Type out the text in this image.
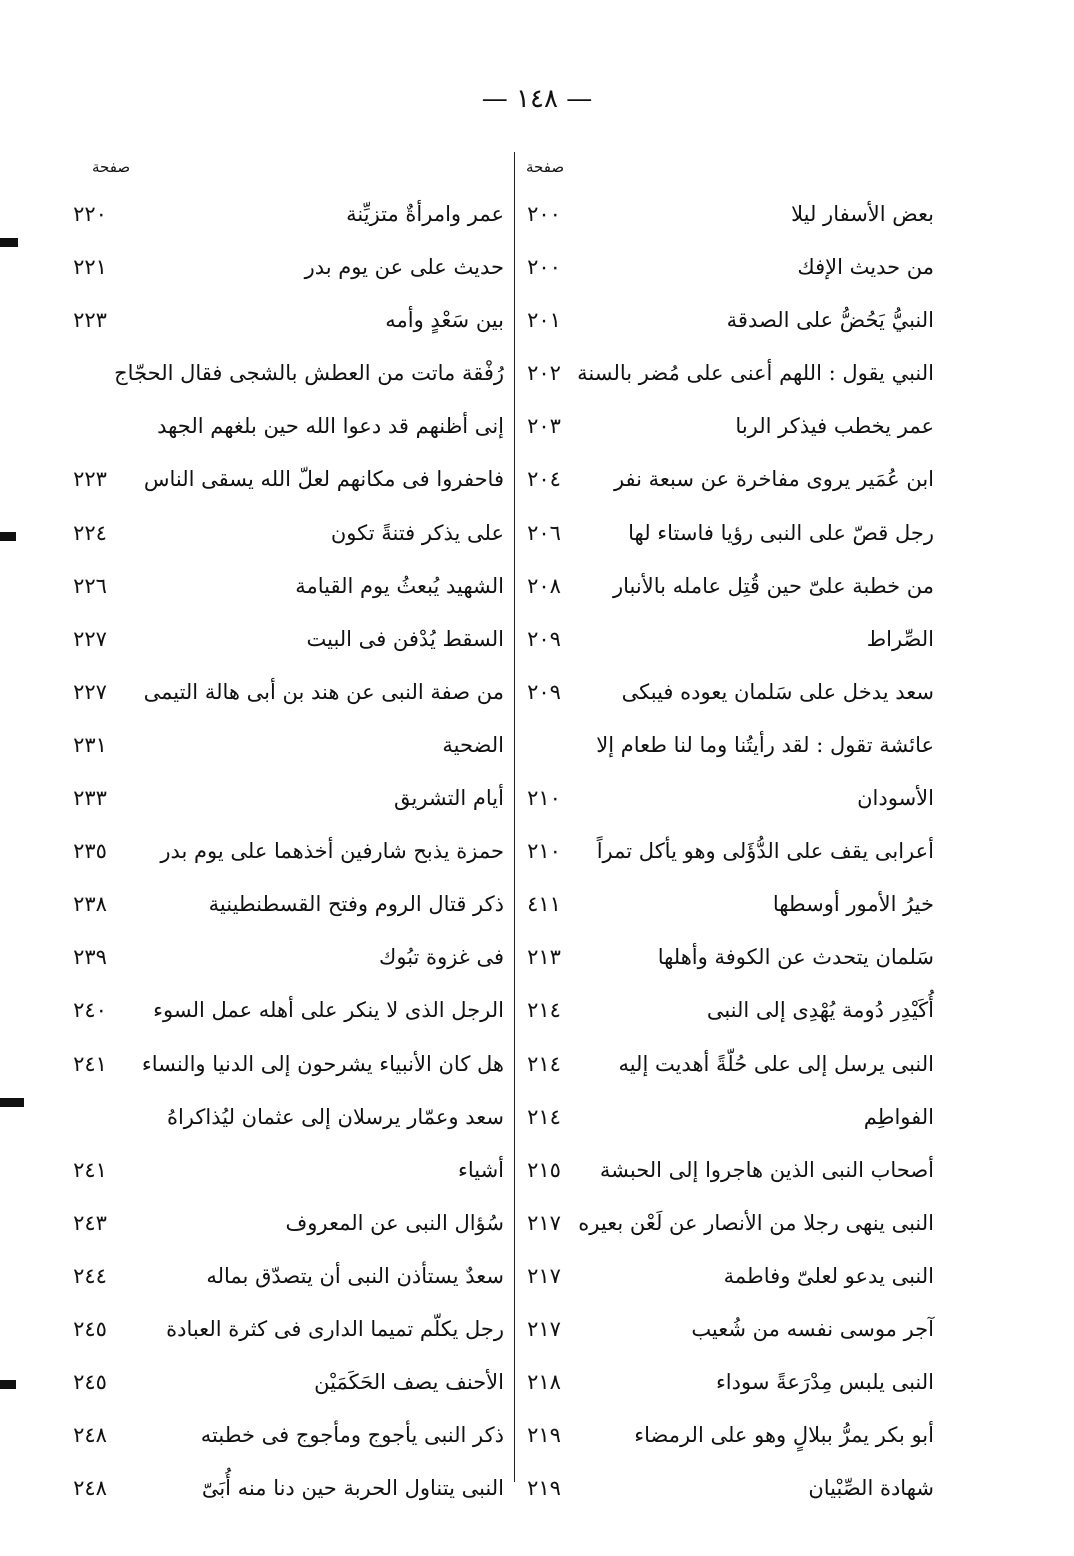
— ١٤٨ —
صفحة
صفحة
بعض الأسفار ليلا
٢٠٠
من حديث الإفك
٢٠٠
النبيُّ يَحُضُّ على الصدقة
٢٠١
النبي يقول : اللهم أعنى على مُضر بالسنة
٢٠٢
عمر يخطب فيذكر الربا
٢٠٣
ابن عُمَير يروى مفاخرة عن سبعة نفر
٢٠٤
رجل قصّ على النبى رؤيا فاستاء لها
٢٠٦
من خطبة علىّ حين قُتِل عامله بالأنبار
٢٠٨
الصِّراط
٢٠٩
سعد يدخل على سَلمان يعوده فيبكى
٢٠٩
عائشة تقول : لقد رأيتُنا وما لنا طعام إلا
الأسودان
٢١٠
أعرابى يقف على الدُّؤَلى وهو يأكل تمراً
٢١٠
خيرُ الأمور أوسطها
٤١١
سَلمان يتحدث عن الكوفة وأهلها
٢١٣
أُكَيْدِر دُومة يُهْدِى إلى النبى
٢١٤
النبى يرسل إلى على حُلّةً أهديت إليه
٢١٤
الفواطِم
٢١٤
أصحاب النبى الذين هاجروا إلى الحبشة
٢١٥
النبى ينهى رجلا من الأنصار عن لَعْن بعيره
٢١٧
النبى يدعو لعلىّ وفاطمة
٢١٧
آجر موسى نفسه من شُعيب
٢١٧
النبى يلبس مِدْرَعةً سوداء
٢١٨
أبو بكر يمرُّ ببلالٍ وهو على الرمضاء
٢١٩
شهادة الصِّبْيان
٢١٩
عمر وامرأةٌ متزيِّنة
٢٢٠
حديث على عن يوم بدر
٢٢١
بين سَعْدٍ وأمه
٢٢٣
رُفْقة ماتت من العطش بالشجى فقال الحجّاج
إنى أظنهم قد دعوا الله حين بلغهم الجهد
فاحفروا فى مكانهم لعلّ الله يسقى الناس
٢٢٣
على يذكر فتنةً تكون
٢٢٤
الشهيد يُبعثُ يوم القيامة
٢٢٦
السقط يُدْفن فى البيت
٢٢٧
من صفة النبى عن هند بن أبى هالة التيمى
٢٢٧
الضحية
٢٣١
أيام التشريق
٢٣٣
حمزة يذبح شارفين أخذهما على يوم بدر
٢٣٥
ذكر قتال الروم وفتح القسطنطينية
٢٣٨
فى غزوة تبُوك
٢٣٩
الرجل الذى لا ينكر على أهله عمل السوء
٢٤٠
هل كان الأنبياء يشرحون إلى الدنيا والنساء
٢٤١
سعد وعمّار يرسلان إلى عثمان ليُذاكراهُ
أشياء
٢٤١
سُؤال النبى عن المعروف
٢٤٣
سعدٌ يستأذن النبى أن يتصدّق بماله
٢٤٤
رجل يكلّم تميما الدارى فى كثرة العبادة
٢٤٥
الأحنف يصف الحَكَمَيْن
٢٤٥
ذكر النبى يأجوج ومأجوج فى خطبته
٢٤٨
النبى يتناول الحربة حين دنا منه أُبَىّ
٢٤٨
